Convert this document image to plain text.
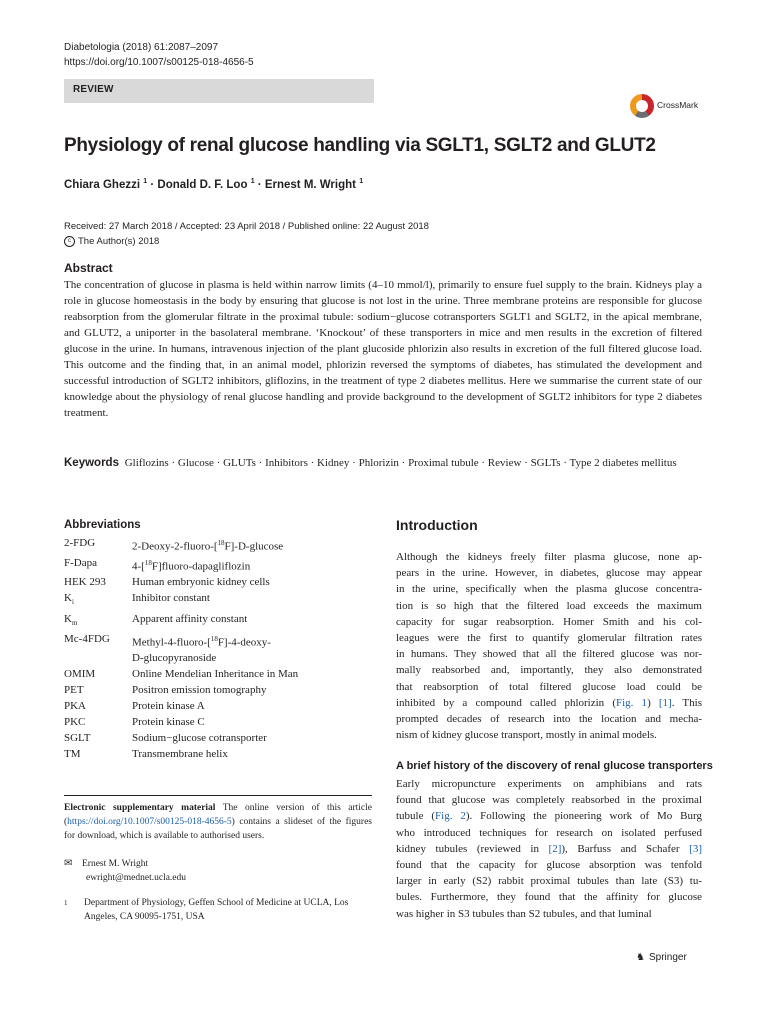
Diabetologia (2018) 61:2087–2097
https://doi.org/10.1007/s00125-018-4656-5
REVIEW
CrossMark
Physiology of renal glucose handling via SGLT1, SGLT2 and GLUT2
Chiara Ghezzi $^1$ · Donald D. F. Loo $^1$ · Ernest M. Wright $^1$
Received: 27 March 2018 / Accepted: 23 April 2018 / Published online: 22 August 2018
c The Author(s) 2018
Abstract
The concentration of glucose in plasma is held within narrow limits (4–10 mmol/l), primarily to ensure fuel supply to the brain. Kidneys play a role in glucose homeostasis in the body by ensuring that glucose is not lost in the urine. Three membrane proteins are responsible for glucose reabsorption from the glomerular filtrate in the proximal tubule: sodium−glucose cotransporters SGLT1 and SGLT2, in the apical membrane, and GLUT2, a uniporter in the basolateral membrane. ‘Knockout’ of these transporters in mice and men results in the excretion of filtered glucose in the urine. In humans, intravenous injection of the plant glucoside phlorizin also results in excretion of the full filtered glucose load. This outcome and the finding that, in an animal model, phlorizin reversed the symptoms of diabetes, has stimulated the development and successful introduction of SGLT2 inhibitors, gliflozins, in the treatment of type 2 diabetes mellitus. Here we summarise the current state of our knowledge about the physiology of renal glucose handling and provide background to the development of SGLT2 inhibitors for type 2 diabetes treatment.
Keywords Gliflozins · Glucose · GLUTs · Inhibitors · Kidney · Phlorizin · Proximal tubule · Review · SGLTs · Type 2 diabetes mellitus
Abbreviations
2-FDG	2-Deoxy-2-fluoro-[$^{18}$F]-D-glucose
F-Dapa	4-[$^{18}$F]fluoro-dapagliflozin
HEK 293	Human embryonic kidney cells
$K_i$	Inhibitor constant
$K_m$	Apparent affinity constant
Mc-4FDG	Methyl-4-fluoro-[$^{18}$F]-4-deoxy-
D-glucopyranoside
OMIM	Online Mendelian Inheritance in Man
PET	Positron emission tomography
PKA	Protein kinase A
PKC	Protein kinase C
SGLT	Sodium−glucose cotransporter
TM	Transmembrane helix
Electronic supplementary material The online version of this article (https://doi.org/10.1007/s00125-018-4656-5) contains a slideset of the figures for download, which is available to authorised users.
✉ Ernest M. Wright
ewright@mednet.ucla.edu
1	Department of Physiology, Geffen School of Medicine at UCLA, Los
Angeles, CA 90095-1751, USA
Introduction
Although the kidneys freely filter plasma glucose, none ap-
pears in the urine. However, in diabetes, glucose may appear
in the urine, specifically when the plasma glucose concentra-
tion is so high that the filtered load exceeds the maximum
capacity for sugar reabsorption. Homer Smith and his col-
leagues were the first to quantify glomerular filtration rates
in humans. They showed that all the filtered glucose was nor-
mally reabsorbed and, importantly, they also demonstrated
that reabsorption of total filtered glucose load could be
inhibited by a compound called phlorizin (Fig. 1) [1]. This
prompted decades of research into the location and mecha-
nism of kidney glucose transport, mostly in animal models.
A brief history of the discovery of renal glucose transporters
Early micropuncture experiments on amphibians and rats
found that glucose was completely reabsorbed in the proximal
tubule (Fig. 2). Following the pioneering work of Mo Burg
who introduced techniques for research on isolated perfused
kidney tubules (reviewed in [2]), Barfuss and Schafer [3]
found that the capacity for glucose absorption was tenfold
larger in early (S2) rabbit proximal tubules than late (S3) tu-
bules. Furthermore, they found that the affinity for glucose
was higher in S3 tubules than S2 tubules, and that luminal
♞ Springer
